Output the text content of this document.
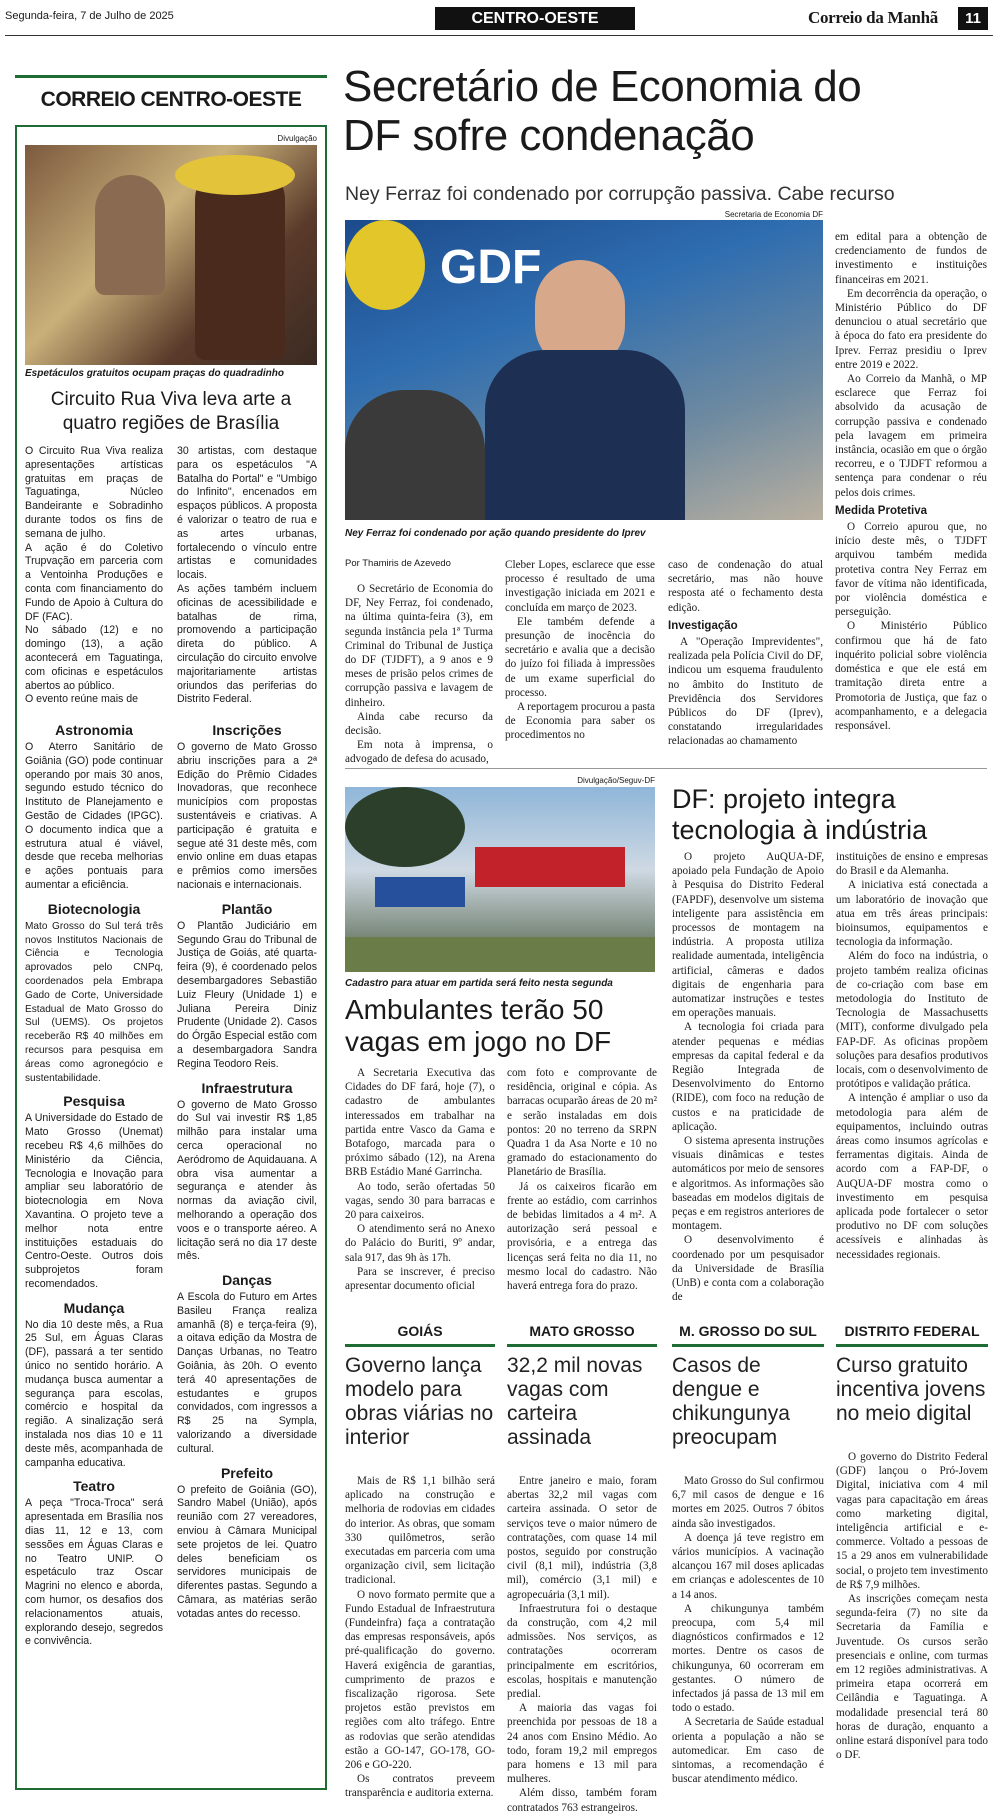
Segunda-feira, 7 de Julho de 2025	CENTRO-OESTE	Correio da Manhã	11
CORREIO CENTRO-OESTE
Divulgação
Espetáculos gratuitos ocupam praças do quadradinho
Circuito Rua Viva leva arte a quatro regiões de Brasília
O Circuito Rua Viva realiza apresentações artísticas gratuitas em praças de Taguatinga, Núcleo Bandeirante e Sobradinho durante todos os fins de semana de julho.
A ação é do Coletivo Trupvação em parceria com a Ventoinha Produções e conta com financiamento do Fundo de Apoio à Cultura do DF (FAC).
No sábado (12) e no domingo (13), a ação acontecerá em Taguatinga, com oficinas e espetáculos abertos ao público.
O evento reúne mais de
30 artistas, com destaque para os espetáculos "A Batalha do Portal" e "Umbigo do Infinito", encenados em espaços públicos. A proposta é valorizar o teatro de rua e as artes urbanas, fortalecendo o vínculo entre artistas e comunidades locais.
As ações também incluem oficinas de acessibilidade e batalhas de rima, promovendo a participação direta do público. A circulação do circuito envolve majoritariamente artistas oriundos das periferias do Distrito Federal.
Astronomia
O Aterro Sanitário de Goiânia (GO) pode continuar operando por mais 30 anos, segundo estudo técnico do Instituto de Planejamento e Gestão de Cidades (IPGC). O documento indica que a estrutura atual é viável, desde que receba melhorias e ações pontuais para aumentar a eficiência.
Biotecnologia
Mato Grosso do Sul terá três novos Institutos Nacionais de Ciência e Tecnologia aprovados pelo CNPq, coordenados pela Embrapa Gado de Corte, Universidade Estadual de Mato Grosso do Sul (UEMS). Os projetos receberão R$ 40 milhões em recursos para pesquisa em áreas como agronegócio e sustentabilidade.
Pesquisa
A Universidade do Estado de Mato Grosso (Unemat) recebeu R$ 4,6 milhões do Ministério da Ciência, Tecnologia e Inovação para ampliar seu laboratório de biotecnologia em Nova Xavantina. O projeto teve a melhor nota entre instituições estaduais do Centro-Oeste. Outros dois subprojetos foram recomendados.
Mudança
No dia 10 deste mês, a Rua 25 Sul, em Águas Claras (DF), passará a ter sentido único no sentido horário. A mudança busca aumentar a segurança para escolas, comércio e hospital da região. A sinalização será instalada nos dias 10 e 11 deste mês, acompanhada de campanha educativa.
Teatro
A peça "Troca-Troca" será apresentada em Brasília nos dias 11, 12 e 13, com sessões em Águas Claras e no Teatro UNIP. O espetáculo traz Oscar Magrini no elenco e aborda, com humor, os desafios dos relacionamentos atuais, explorando desejo, segredos e convivência.
Inscrições
O governo de Mato Grosso abriu inscrições para a 2ª Edição do Prêmio Cidades Inovadoras, que reconhece municípios com propostas sustentáveis e criativas. A participação é gratuita e segue até 31 deste mês, com envio online em duas etapas e prêmios como imersões nacionais e internacionais.
Plantão
O Plantão Judiciário em Segundo Grau do Tribunal de Justiça de Goiás, até quarta-feira (9), é coordenado pelos desembargadores Sebastião Luiz Fleury (Unidade 1) e Juliana Pereira Diniz Prudente (Unidade 2). Casos do Órgão Especial estão com a desembargadora Sandra Regina Teodoro Reis.
Infraestrutura
O governo de Mato Grosso do Sul vai investir R$ 1,85 milhão para instalar uma cerca operacional no Aeródromo de Aquidauana. A obra visa aumentar a segurança e atender às normas da aviação civil, melhorando a operação dos voos e o transporte aéreo. A licitação será no dia 17 deste mês.
Danças
A Escola do Futuro em Artes Basileu França realiza amanhã (8) e terça-feira (9), a oitava edição da Mostra de Danças Urbanas, no Teatro Goiânia, às 20h. O evento terá 40 apresentações de estudantes e grupos convidados, com ingressos a R$ 25 na Sympla, valorizando a diversidade cultural.
Prefeito
O prefeito de Goiânia (GO), Sandro Mabel (União), após reunião com 27 vereadores, enviou à Câmara Municipal sete projetos de lei. Quatro deles beneficiam os servidores municipais de diferentes pastas. Segundo a Câmara, as matérias serão votadas antes do recesso.
Secretário de Economia do DF sofre condenação
Ney Ferraz foi condenado por corrupção passiva. Cabe recurso
Secretaria de Economia DF
GDF
Ney Ferraz foi condenado por ação quando presidente do Iprev
Por Thamiris de Azevedo

O Secretário de Economia do DF, Ney Ferraz, foi condenado, na última quinta-feira (3), em segunda instância pela 1ª Turma Criminal do Tribunal de Justiça do DF (TJDFT), a 9 anos e 9 meses de prisão pelos crimes de corrupção passiva e lavagem de dinheiro.

Ainda cabe recurso da decisão.

Em nota à imprensa, o advogado de defesa do acusado,

Cleber Lopes, esclarece que esse processo é resultado de uma investigação iniciada em 2021 e concluída em março de 2023.

Ele também defende a presunção de inocência do secretário e avalia que a decisão do juízo foi filiada à impressões de um exame superficial do processo.

A reportagem procurou a pasta de Economia para saber os procedimentos no

caso de condenação do atual secretário, mas não houve resposta até o fechamento desta edição.

Investigação

A "Operação Imprevidentes", realizada pela Polícia Civil do DF, indicou um esquema fraudulento no âmbito do Instituto de Previdência dos Servidores Públicos do DF (Iprev), constatando irregularidades relacionadas ao chamamento

em edital para a obtenção de credenciamento de fundos de investimento e instituições financeiras em 2021.

Em decorrência da operação, o Ministério Público do DF denunciou o atual secretário que à época do fato era presidente do Iprev. Ferraz presidiu o Iprev entre 2019 e 2022.

Ao Correio da Manhã, o MP esclarece que Ferraz foi absolvido da acusação de corrupção passiva e condenado pela lavagem em primeira instância, ocasião em que o órgão recorreu, e o TJDFT reformou a sentença para condenar o réu pelos dois crimes.

Medida Protetiva

O Correio apurou que, no início deste mês, o TJDFT arquivou também medida protetiva contra Ney Ferraz em favor de vítima não identificada, por violência doméstica e perseguição.

O Ministério Público confirmou que há de fato inquérito policial sobre violência doméstica e que ele está em tramitação direta entre a Promotoria de Justiça, que faz o acompanhamento, e a delegacia responsável.

Divulgação/Seguv-DF
Cadastro para atuar em partida será feito nesta segunda
Ambulantes terão 50 vagas em jogo no DF

A Secretaria Executiva das Cidades do DF fará, hoje (7), o cadastro de ambulantes interessados em trabalhar na partida entre Vasco da Gama e Botafogo, marcada para o próximo sábado (12), na Arena BRB Estádio Mané Garrincha.

Ao todo, serão ofertadas 50 vagas, sendo 30 para barracas e 20 para caixeiros.

O atendimento será no Anexo do Palácio do Buriti, 9º andar, sala 917, das 9h às 17h.

Para se inscrever, é preciso apresentar documento oficial

com foto e comprovante de residência, original e cópia. As barracas ocuparão áreas de 20 m² e serão instaladas em dois pontos: 20 no terreno da SRPN Quadra 1 da Asa Norte e 10 no gramado do estacionamento do Planetário de Brasília.

Já os caixeiros ficarão em frente ao estádio, com carrinhos de bebidas limitados a 4 m². A autorização será pessoal e provisória, e a entrega das licenças será feita no dia 11, no mesmo local do cadastro. Não haverá entrega fora do prazo.

DF: projeto integra tecnologia à indústria

O projeto AuQUA-DF, apoiado pela Fundação de Apoio à Pesquisa do Distrito Federal (FAPDF), desenvolve um sistema inteligente para assistência em processos de montagem na indústria. A proposta utiliza realidade aumentada, inteligência artificial, câmeras e dados digitais de engenharia para automatizar instruções e testes em operações manuais.

A tecnologia foi criada para atender pequenas e médias empresas da capital federal e da Região Integrada de Desenvolvimento do Entorno (RIDE), com foco na redução de custos e na praticidade de aplicação.

O sistema apresenta instruções visuais dinâmicas e testes automáticos por meio de sensores e algoritmos. As informações são baseadas em modelos digitais de peças e em registros anteriores de montagem.

O desenvolvimento é coordenado por um pesquisador da Universidade de Brasília (UnB) e conta com a colaboração de

instituições de ensino e empresas do Brasil e da Alemanha.

A iniciativa está conectada a um laboratório de inovação que atua em três áreas principais: bioinsumos, equipamentos e tecnologia da informação.

Além do foco na indústria, o projeto também realiza oficinas de co-criação com base em metodologia do Instituto de Tecnologia de Massachusetts (MIT), conforme divulgado pela FAP-DF. As oficinas propõem soluções para desafios produtivos locais, com o desenvolvimento de protótipos e validação prática.

A intenção é ampliar o uso da metodologia para além de equipamentos, incluindo outras áreas como insumos agrícolas e ferramentas digitais. Ainda de acordo com a FAP-DF, o AuQUA-DF mostra como o investimento em pesquisa aplicada pode fortalecer o setor produtivo no DF com soluções acessíveis e alinhadas às necessidades regionais.

GOIÁS
Governo lança modelo para obras viárias no interior

Mais de R$ 1,1 bilhão será aplicado na construção e melhoria de rodovias em cidades do interior. As obras, que somam 330 quilômetros, serão executadas em parceria com uma organização civil, sem licitação tradicional.

O novo formato permite que a Fundo Estadual de Infraestrutura (Fundeinfra) faça a contratação das empresas responsáveis, após pré-qualificação do governo. Haverá exigência de garantias, cumprimento de prazos e fiscalização rigorosa. Sete projetos estão previstos em regiões com alto tráfego. Entre as rodovias que serão atendidas estão a GO-147, GO-178, GO-206 e GO-220.

Os contratos preveem transparência e auditoria externa.

MATO GROSSO
32,2 mil novas vagas com carteira assinada

Entre janeiro e maio, foram abertas 32,2 mil vagas com carteira assinada. O setor de serviços teve o maior número de contratações, com quase 14 mil postos, seguido por construção civil (8,1 mil), indústria (3,8 mil), comércio (3,1 mil) e agropecuária (3,1 mil).

Infraestrutura foi o destaque da construção, com 4,2 mil admissões. Nos serviços, as contratações ocorreram principalmente em escritórios, escolas, hospitais e manutenção predial.

A maioria das vagas foi preenchida por pessoas de 18 a 24 anos com Ensino Médio. Ao todo, foram 19,2 mil empregos para homens e 13 mil para mulheres.

Além disso, também foram contratados 763 estrangeiros.

M. GROSSO DO SUL
Casos de dengue e chikungunya preocupam

Mato Grosso do Sul confirmou 6,7 mil casos de dengue e 16 mortes em 2025. Outros 7 óbitos ainda são investigados.

A doença já teve registro em vários municípios. A vacinação alcançou 167 mil doses aplicadas em crianças e adolescentes de 10 a 14 anos.

A chikungunya também preocupa, com 5,4 mil diagnósticos confirmados e 12 mortes. Dentre os casos de chikungunya, 60 ocorreram em gestantes. O número de infectados já passa de 13 mil em todo o estado.

A Secretaria de Saúde estadual orienta a população a não se automedicar. Em caso de sintomas, a recomendação é buscar atendimento médico.

DISTRITO FEDERAL
Curso gratuito incentiva jovens no meio digital

O governo do Distrito Federal (GDF) lançou o Pró-Jovem Digital, iniciativa com 4 mil vagas para capacitação em áreas como marketing digital, inteligência artificial e e-commerce. Voltado a pessoas de 15 a 29 anos em vulnerabilidade social, o projeto tem investimento de R$ 7,9 milhões.

As inscrições começam nesta segunda-feira (7) no site da Secretaria da Família e Juventude. Os cursos serão presenciais e online, com turmas em 12 regiões administrativas. A primeira etapa ocorrerá em Ceilândia e Taguatinga. A modalidade presencial terá 80 horas de duração, enquanto a online estará disponível para todo o DF.
